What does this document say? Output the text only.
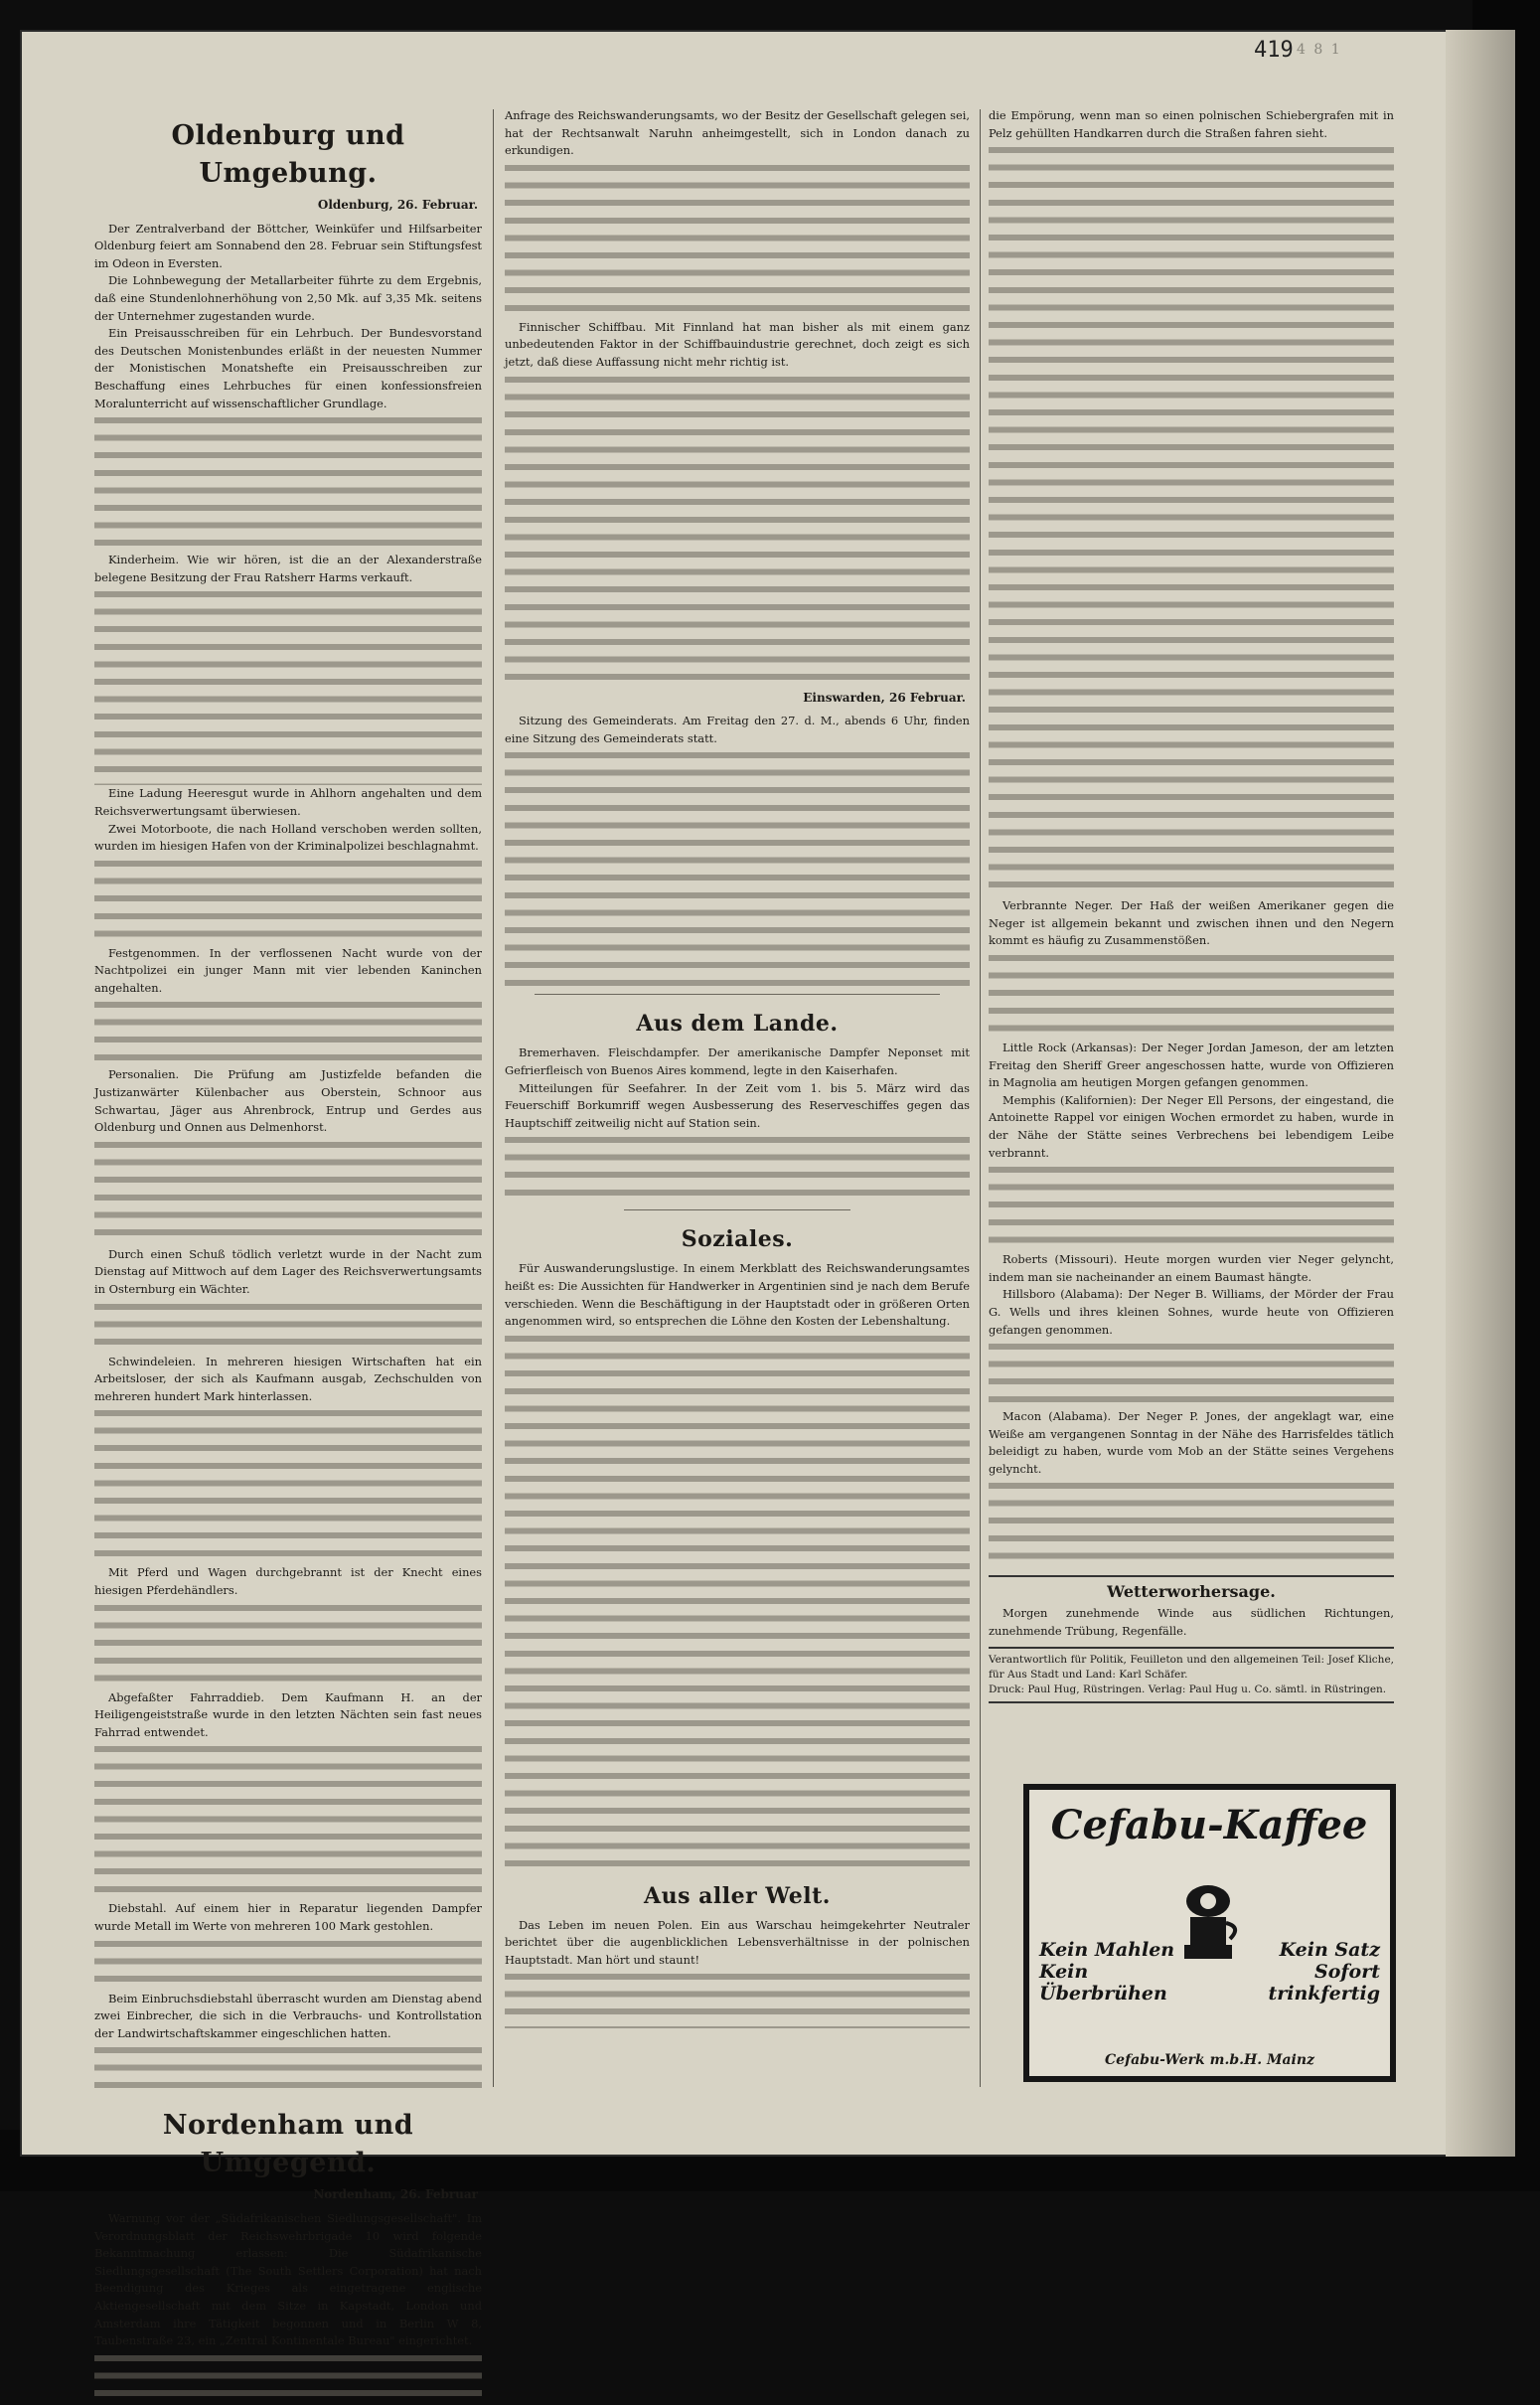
419 4 8 1
Oldenburg und Umgebung.
Oldenburg, 26. Februar.

Der Zentralverband der Böttcher, Weinküfer und Hilfsarbeiter Oldenburg feiert am Sonnabend den 28. Februar sein Stiftungsfest im Odeon in Eversten.

Die Lohnbewegung der Metallarbeiter führte zu dem Ergebnis, daß eine Stundenlohnerhöhung von 2,50 Mk. auf 3,35 Mk. seitens der Unternehmer zugestanden wurde.

Ein Preisausschreiben für ein Lehrbuch. Der Bundesvorstand des Deutschen Monistenbundes erläßt in der neuesten Nummer der Monistischen Monatshefte ein Preisausschreiben zur Beschaffung eines Lehrbuches für einen konfessionsfreien Moralunterricht auf wissenschaftlicher Grundlage.

Kinderheim. Wie wir hören, ist die an der Alexanderstraße belegene Besitzung der Frau Ratsherr Harms verkauft.

Eine Ladung Heeresgut wurde in Ahlhorn angehalten und dem Reichsverwertungsamt überwiesen.

Zwei Motorboote, die nach Holland verschoben werden sollten, wurden im hiesigen Hafen von der Kriminalpolizei beschlagnahmt.

Festgenommen. In der verflossenen Nacht wurde von der Nachtpolizei ein junger Mann mit vier lebenden Kaninchen angehalten.

Personalien. Die Prüfung am Justizfelde befanden die Justizanwärter Külenbacher aus Oberstein, Schnoor aus Schwartau, Jäger aus Ahrenbrock, Entrup und Gerdes aus Oldenburg und Onnen aus Delmenhorst.

Durch einen Schuß tödlich verletzt wurde in der Nacht zum Dienstag auf Mittwoch auf dem Lager des Reichsverwertungsamts in Osternburg ein Wächter.

Schwindeleien. In mehreren hiesigen Wirtschaften hat ein Arbeitsloser, der sich als Kaufmann ausgab, Zechschulden von mehreren hundert Mark hinterlassen.

Mit Pferd und Wagen durchgebrannt ist der Knecht eines hiesigen Pferdehändlers.

Abgefaßter Fahrraddieb. Dem Kaufmann H. an der Heiligengeiststraße wurde in den letzten Nächten sein fast neues Fahrrad entwendet.

Diebstahl. Auf einem hier in Reparatur liegenden Dampfer wurde Metall im Werte von mehreren 100 Mark gestohlen.

Beim Einbruchsdiebstahl überrascht wurden am Dienstag abend zwei Einbrecher, die sich in die Verbrauchs- und Kontrollstation der Landwirtschaftskammer eingeschlichen hatten.

Nordenham und Umgegend.
Nordenham, 26. Februar

Warnung vor der „Südafrikanischen Siedlungsgesellschaft". Im Verordnungsblatt der Reichswehrbrigade 10 wird folgende Bekanntmachung erlassen: Die Südafrikanische Siedlungsgesellschaft (The South Settlers Corporation) hat nach Beendigung des Krieges als eingetragene englische Aktiengesellschaft mit dem Sitze in Kapstadt, London und Amsterdam ihre Tätigkeit begonnen und in Berlin W 8, Taubenstraße 23, ein „Zentral Kontinentale Bureau" eingerichtet.

Anfrage des Reichswanderungsamts, wo der Besitz der Gesellschaft gelegen sei, hat der Rechtsanwalt Naruhn anheimgestellt, sich in London danach zu erkundigen.

Finnischer Schiffbau. Mit Finnland hat man bisher als mit einem ganz unbedeutenden Faktor in der Schiffbauindustrie gerechnet, doch zeigt es sich jetzt, daß diese Auffassung nicht mehr richtig ist.

Einswarden, 26 Februar.

Sitzung des Gemeinderats. Am Freitag den 27. d. M., abends 6 Uhr, finden eine Sitzung des Gemeinderats statt.

Aus dem Lande.

Bremerhaven. Fleischdampfer. Der amerikanische Dampfer Neponset mit Gefrierfleisch von Buenos Aires kommend, legte in den Kaiserhafen.

Mitteilungen für Seefahrer. In der Zeit vom 1. bis 5. März wird das Feuerschiff Borkumriff wegen Ausbesserung des Reserveschiffes gegen das Hauptschiff zeitweilig nicht auf Station sein.

Soziales.

Für Auswanderungslustige. In einem Merkblatt des Reichswanderungsamtes heißt es: Die Aussichten für Handwerker in Argentinien sind je nach dem Berufe verschieden. Wenn die Beschäftigung in der Hauptstadt oder in größeren Orten angenommen wird, so entsprechen die Löhne den Kosten der Lebenshaltung.

Aus aller Welt.

Das Leben im neuen Polen. Ein aus Warschau heimgekehrter Neutraler berichtet über die augenblicklichen Lebensverhältnisse in der polnischen Hauptstadt. Man hört und staunt!

die Empörung, wenn man so einen polnischen Schiebergrafen mit in Pelz gehüllten Handkarren durch die Straßen fahren sieht.

Verbrannte Neger. Der Haß der weißen Amerikaner gegen die Neger ist allgemein bekannt und zwischen ihnen und den Negern kommt es häufig zu Zusammenstößen.

Little Rock (Arkansas): Der Neger Jordan Jameson, der am letzten Freitag den Sheriff Greer angeschossen hatte, wurde von Offizieren in Magnolia am heutigen Morgen gefangen genommen.

Memphis (Kalifornien): Der Neger Ell Persons, der eingestand, die Antoinette Rappel vor einigen Wochen ermordet zu haben, wurde in der Nähe der Stätte seines Verbrechens bei lebendigem Leibe verbrannt.

Roberts (Missouri). Heute morgen wurden vier Neger gelyncht, indem man sie nacheinander an einem Baumast hängte.

Hillsboro (Alabama): Der Neger B. Williams, der Mörder der Frau G. Wells und ihres kleinen Sohnes, wurde heute von Offizieren gefangen genommen.

Macon (Alabama). Der Neger P. Jones, der angeklagt war, eine Weiße am vergangenen Sonntag in der Nähe des Harrisfeldes tätlich beleidigt zu haben, wurde vom Mob an der Stätte seines Vergehens gelyncht.

Wetterworhersage.

Morgen zunehmende Winde aus südlichen Richtungen, zunehmende Trübung, Regenfälle.

Verantwortlich für Politik, Feuilleton und den allgemeinen Teil: Josef Kliche, für Aus Stadt und Land: Karl Schäfer.
Druck: Paul Hug, Rüstringen. Verlag: Paul Hug u. Co. sämtl. in Rüstringen.
Cefabu-Kaffee
Kein Mahlen
Kein
Überbrühen
Kein Satz
Sofort
trinkfertig
Cefabu-Werk m.b.H. Mainz
